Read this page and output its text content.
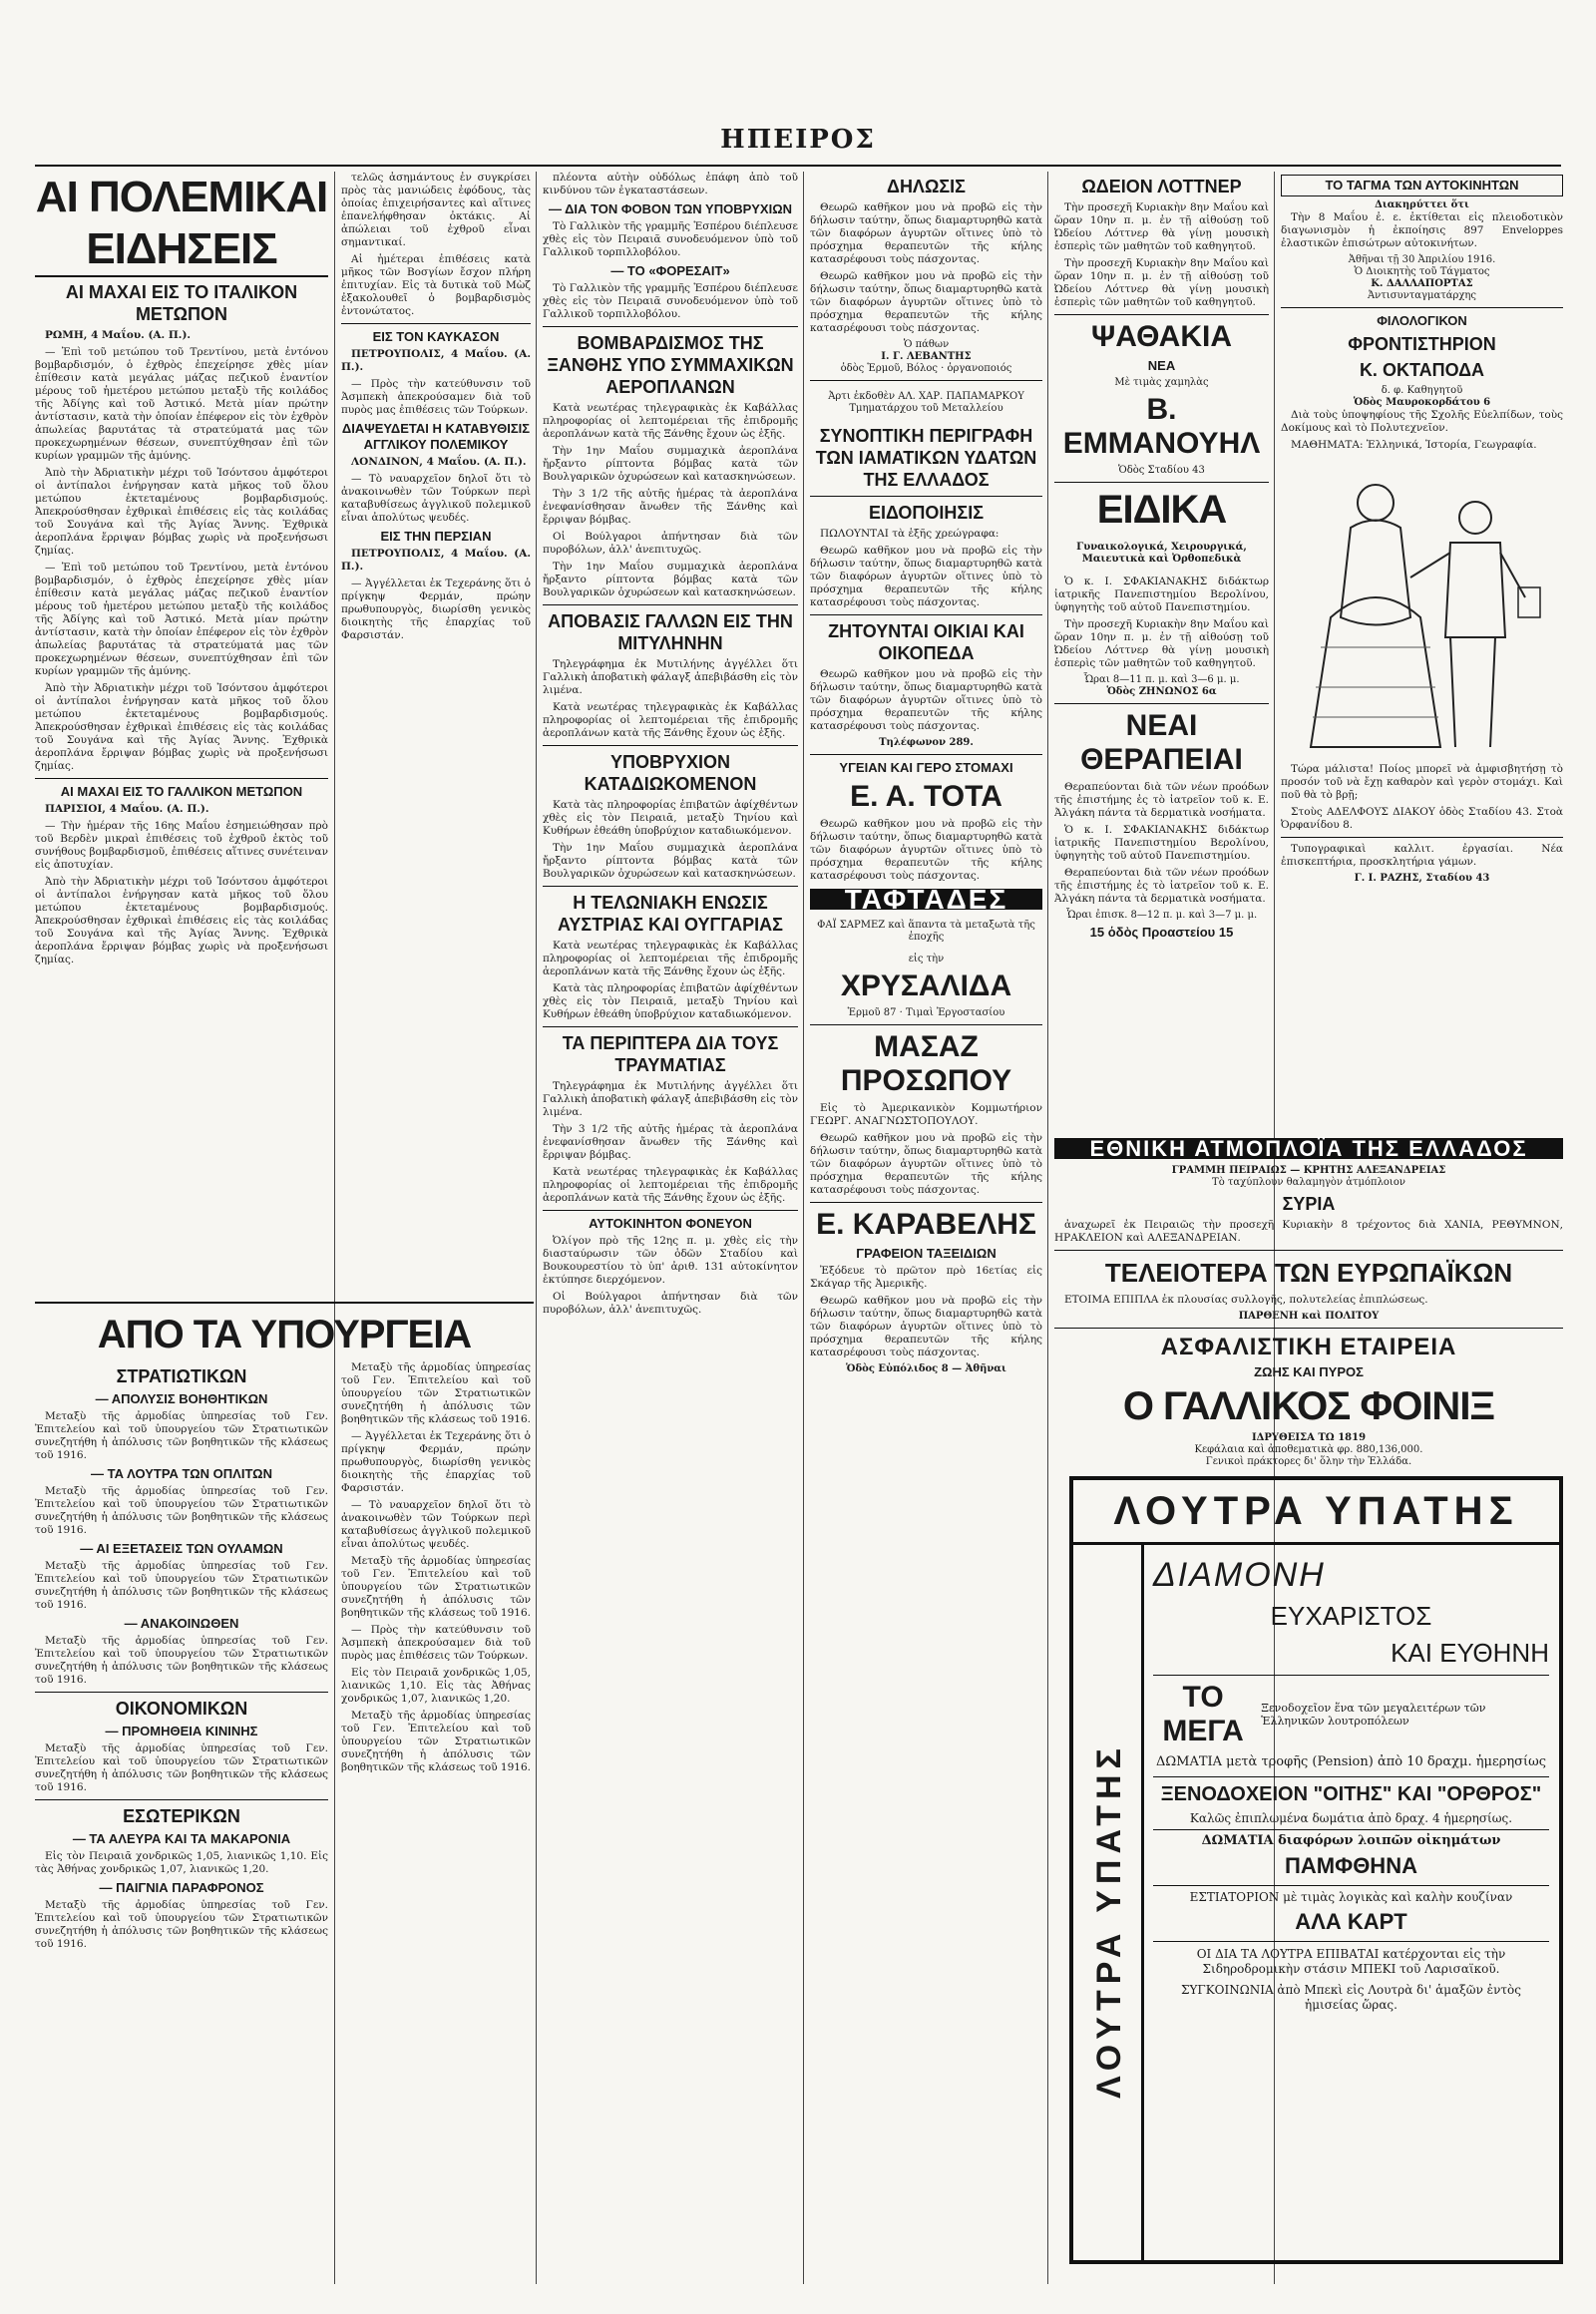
ΗΠΕΙΡΟΣ
ΑΙ ΠΟΛΕΜΙΚΑΙ ΕΙΔΗΣΕΙΣ
ΑΙ ΜΑΧΑΙ ΕΙΣ ΤΟ ΙΤΑΛΙΚΟΝ ΜΕΤΩΠΟΝ

ΡΩΜΗ, 4 Μαΐου. (Α. Π.).

— Ἐπὶ τοῦ μετώπου τοῦ Τρεντίνου, μετὰ ἐντόνου βομβαρδισμόν, ὁ ἐχθρὸς ἐπεχείρησε χθὲς μίαν ἐπίθεσιν κατὰ μεγάλας μάζας πεζικοῦ ἐναντίον μέρους τοῦ ἡμετέρου μετώπου μεταξὺ τῆς κοιλάδος τῆς Ἀδίγης καὶ τοῦ Ἀστικό. Μετὰ μίαν πρώτην ἀντίστασιν, κατὰ τὴν ὁποίαν ἐπέφερον εἰς τὸν ἐχθρὸν ἀπωλείας βαρυτάτας τὰ στρατεύματά μας τῶν προκεχωρημένων θέσεων, συνεπτύχθησαν ἐπὶ τῶν κυρίων γραμμῶν τῆς ἀμύνης.

Ἀπὸ τὴν Ἀδριατικὴν μέχρι τοῦ Ἰσόντσου ἀμφότεροι οἱ ἀντίπαλοι ἐνήργησαν κατὰ μῆκος τοῦ ὅλου μετώπου ἐκτεταμένους βομβαρδισμούς. Ἀπεκρούσθησαν ἐχθρικαὶ ἐπιθέσεις εἰς τὰς κοιλάδας τοῦ Σουγάνα καὶ τῆς Ἀγίας Ἄννης. Ἐχθρικὰ ἀεροπλάνα ἔρριψαν βόμβας χωρὶς νὰ προξενήσωσι ζημίας.

— Ἐπὶ τοῦ μετώπου τοῦ Τρεντίνου, μετὰ ἐντόνου βομβαρδισμόν, ὁ ἐχθρὸς ἐπεχείρησε χθὲς μίαν ἐπίθεσιν κατὰ μεγάλας μάζας πεζικοῦ ἐναντίον μέρους τοῦ ἡμετέρου μετώπου μεταξὺ τῆς κοιλάδος τῆς Ἀδίγης καὶ τοῦ Ἀστικό. Μετὰ μίαν πρώτην ἀντίστασιν, κατὰ τὴν ὁποίαν ἐπέφερον εἰς τὸν ἐχθρὸν ἀπωλείας βαρυτάτας τὰ στρατεύματά μας τῶν προκεχωρημένων θέσεων, συνεπτύχθησαν ἐπὶ τῶν κυρίων γραμμῶν τῆς ἀμύνης.

Ἀπὸ τὴν Ἀδριατικὴν μέχρι τοῦ Ἰσόντσου ἀμφότεροι οἱ ἀντίπαλοι ἐνήργησαν κατὰ μῆκος τοῦ ὅλου μετώπου ἐκτεταμένους βομβαρδισμούς. Ἀπεκρούσθησαν ἐχθρικαὶ ἐπιθέσεις εἰς τὰς κοιλάδας τοῦ Σουγάνα καὶ τῆς Ἀγίας Ἄννης. Ἐχθρικὰ ἀεροπλάνα ἔρριψαν βόμβας χωρὶς νὰ προξενήσωσι ζημίας.

ΑΙ ΜΑΧΑΙ ΕΙΣ ΤΟ ΓΑΛΛΙΚΟΝ ΜΕΤΩΠΟΝ

ΠΑΡΙΣΙΟΙ, 4 Μαΐου. (Α. Π.).

— Τὴν ἡμέραν τῆς 16ης Μαΐου ἐσημειώθησαν πρὸ τοῦ Βερδὲν μικραὶ ἐπιθέσεις τοῦ ἐχθροῦ ἐκτὸς τοῦ συνήθους βομβαρδισμοῦ, ἐπιθέσεις αἵτινες συνέτειναν εἰς ἀποτυχίαν.

Ἀπὸ τὴν Ἀδριατικὴν μέχρι τοῦ Ἰσόντσου ἀμφότεροι οἱ ἀντίπαλοι ἐνήργησαν κατὰ μῆκος τοῦ ὅλου μετώπου ἐκτεταμένους βομβαρδισμούς. Ἀπεκρούσθησαν ἐχθρικαὶ ἐπιθέσεις εἰς τὰς κοιλάδας τοῦ Σουγάνα καὶ τῆς Ἀγίας Ἄννης. Ἐχθρικὰ ἀεροπλάνα ἔρριψαν βόμβας χωρὶς νὰ προξενήσωσι ζημίας.

ΑΠΟ ΤΑ ΥΠΟΥΡΓΕΙΑ

τελῶς ἀσημάντους ἐν συγκρίσει πρὸς τὰς μανιώδεις ἐφόδους, τὰς ὁποίας ἐπιχειρήσαντες καὶ αἵτινες ἐπανελήφθησαν ὀκτάκις. Αἱ ἀπώλειαι τοῦ ἐχθροῦ εἶναι σημαντικαί.

Αἱ ἡμέτεραι ἐπιθέσεις κατὰ μῆκος τῶν Βοσγίων ἔσχον πλήρη ἐπιτυχίαν. Εἰς τὰ δυτικὰ τοῦ Μὼζ ἐξακολουθεῖ ὁ βομβαρδισμὸς ἐντονώτατος.

ΕΙΣ ΤΟΝ ΚΑΥΚΑΣΟΝ

ΠΕΤΡΟΥΠΟΛΙΣ, 4 Μαΐου. (Α. Π.).

— Πρὸς τὴν κατεύθυνσιν τοῦ Ἀσμπεκὴ ἀπεκρούσαμεν διὰ τοῦ πυρὸς μας ἐπιθέσεις τῶν Τούρκων.

ΔΙΑΨΕΥΔΕΤΑΙ Η ΚΑΤΑΒΥΘΙΣΙΣ ΑΓΓΛΙΚΟΥ ΠΟΛΕΜΙΚΟΥ

ΛΟΝΔΙΝΟΝ, 4 Μαΐου. (Α. Π.).

— Τὸ ναυαρχεῖον δηλοῖ ὅτι τὸ ἀνακοινωθὲν τῶν Τούρκων περὶ καταβυθίσεως ἀγγλικοῦ πολεμικοῦ εἶναι ἀπολύτως ψευδές.

ΕΙΣ ΤΗΝ ΠΕΡΣΙΑΝ

ΠΕΤΡΟΥΠΟΛΙΣ, 4 Μαΐου. (Α. Π.).

— Ἀγγέλλεται ἐκ Τεχεράνης ὅτι ὁ πρίγκηψ Φερμάν, πρώην πρωθυπουργὸς, διωρίσθη γενικὸς διοικητὴς τῆς ἐπαρχίας τοῦ Φαρσιστάν.

ΣΤΡΑΤΙΩΤΙΚΩΝ
— ΑΠΟΛΥΣΙΣ ΒΟΗΘΗΤΙΚΩΝ

Μεταξὺ τῆς ἀρμοδίας ὑπηρεσίας τοῦ Γεν. Ἐπιτελείου καὶ τοῦ ὑπουργείου τῶν Στρατιωτικῶν συνεζητήθη ἡ ἀπόλυσις τῶν βοηθητικῶν τῆς κλάσεως τοῦ 1916.

— ΤΑ ΛΟΥΤΡΑ ΤΩΝ ΟΠΛΙΤΩΝ

Μεταξὺ τῆς ἀρμοδίας ὑπηρεσίας τοῦ Γεν. Ἐπιτελείου καὶ τοῦ ὑπουργείου τῶν Στρατιωτικῶν συνεζητήθη ἡ ἀπόλυσις τῶν βοηθητικῶν τῆς κλάσεως τοῦ 1916.

— ΑΙ ΕΞΕΤΑΣΕΙΣ ΤΩΝ ΟΥΛΑΜΩΝ

Μεταξὺ τῆς ἀρμοδίας ὑπηρεσίας τοῦ Γεν. Ἐπιτελείου καὶ τοῦ ὑπουργείου τῶν Στρατιωτικῶν συνεζητήθη ἡ ἀπόλυσις τῶν βοηθητικῶν τῆς κλάσεως τοῦ 1916.

— ΑΝΑΚΟΙΝΩΘΕΝ

Μεταξὺ τῆς ἀρμοδίας ὑπηρεσίας τοῦ Γεν. Ἐπιτελείου καὶ τοῦ ὑπουργείου τῶν Στρατιωτικῶν συνεζητήθη ἡ ἀπόλυσις τῶν βοηθητικῶν τῆς κλάσεως τοῦ 1916.

ΟΙΚΟΝΟΜΙΚΩΝ
— ΠΡΟΜΗΘΕΙΑ ΚΙΝΙΝΗΣ

Μεταξὺ τῆς ἀρμοδίας ὑπηρεσίας τοῦ Γεν. Ἐπιτελείου καὶ τοῦ ὑπουργείου τῶν Στρατιωτικῶν συνεζητήθη ἡ ἀπόλυσις τῶν βοηθητικῶν τῆς κλάσεως τοῦ 1916.

ΕΣΩΤΕΡΙΚΩΝ
— ΤΑ ΑΛΕΥΡΑ ΚΑΙ ΤΑ ΜΑΚΑΡΟΝΙΑ

Εἰς τὸν Πειραιᾶ χονδρικῶς 1,05, λιανικῶς 1,10. Εἰς τὰς Ἀθήνας χονδρικῶς 1,07, λιανικῶς 1,20.

— ΠΑΙΓΝΙΑ ΠΑΡΑΦΡΟΝΟΣ

Μεταξὺ τῆς ἀρμοδίας ὑπηρεσίας τοῦ Γεν. Ἐπιτελείου καὶ τοῦ ὑπουργείου τῶν Στρατιωτικῶν συνεζητήθη ἡ ἀπόλυσις τῶν βοηθητικῶν τῆς κλάσεως τοῦ 1916.

Μεταξὺ τῆς ἀρμοδίας ὑπηρεσίας τοῦ Γεν. Ἐπιτελείου καὶ τοῦ ὑπουργείου τῶν Στρατιωτικῶν συνεζητήθη ἡ ἀπόλυσις τῶν βοηθητικῶν τῆς κλάσεως τοῦ 1916.

— Ἀγγέλλεται ἐκ Τεχεράνης ὅτι ὁ πρίγκηψ Φερμάν, πρώην πρωθυπουργὸς, διωρίσθη γενικὸς διοικητὴς τῆς ἐπαρχίας τοῦ Φαρσιστάν.

— Τὸ ναυαρχεῖον δηλοῖ ὅτι τὸ ἀνακοινωθὲν τῶν Τούρκων περὶ καταβυθίσεως ἀγγλικοῦ πολεμικοῦ εἶναι ἀπολύτως ψευδές.

Μεταξὺ τῆς ἀρμοδίας ὑπηρεσίας τοῦ Γεν. Ἐπιτελείου καὶ τοῦ ὑπουργείου τῶν Στρατιωτικῶν συνεζητήθη ἡ ἀπόλυσις τῶν βοηθητικῶν τῆς κλάσεως τοῦ 1916.

— Πρὸς τὴν κατεύθυνσιν τοῦ Ἀσμπεκὴ ἀπεκρούσαμεν διὰ τοῦ πυρὸς μας ἐπιθέσεις τῶν Τούρκων.

Εἰς τὸν Πειραιᾶ χονδρικῶς 1,05, λιανικῶς 1,10. Εἰς τὰς Ἀθήνας χονδρικῶς 1,07, λιανικῶς 1,20.

Μεταξὺ τῆς ἀρμοδίας ὑπηρεσίας τοῦ Γεν. Ἐπιτελείου καὶ τοῦ ὑπουργείου τῶν Στρατιωτικῶν συνεζητήθη ἡ ἀπόλυσις τῶν βοηθητικῶν τῆς κλάσεως τοῦ 1916.

πλέοντα αὐτὴν οὐδόλως ἐπάφη ἀπὸ τοῦ κινδύνου τῶν ἐγκαταστάσεων.

— ΔΙΑ ΤΟΝ ΦΟΒΟΝ ΤΩΝ ΥΠΟΒΡΥΧΙΩΝ

Τὸ Γαλλικὸν τῆς γραμμῆς Ἑσπέρου διέπλευσε χθὲς εἰς τὸν Πειραιᾶ συνοδευόμενον ὑπὸ τοῦ Γαλλικοῦ τορπιλλοβόλου.

— ΤΟ «ΦΟΡΕΣΑΙΤ»

Τὸ Γαλλικὸν τῆς γραμμῆς Ἑσπέρου διέπλευσε χθὲς εἰς τὸν Πειραιᾶ συνοδευόμενον ὑπὸ τοῦ Γαλλικοῦ τορπιλλοβόλου.

ΒΟΜΒΑΡΔΙΣΜΟΣ ΤΗΣ ΞΑΝΘΗΣ ΥΠΟ ΣΥΜΜΑΧΙΚΩΝ ΑΕΡΟΠΛΑΝΩΝ

Κατὰ νεωτέρας τηλεγραφικὰς ἐκ Καβάλλας πληροφορίας οἱ λεπτομέρειαι τῆς ἐπιδρομῆς ἀεροπλάνων κατὰ τῆς Ξάνθης ἔχουν ὡς ἑξῆς.

Τὴν 1ην Μαΐου συμμαχικὰ ἀεροπλάνα ἤρξαντο ρίπτοντα βόμβας κατὰ τῶν Βουλγαρικῶν ὀχυρώσεων καὶ κατασκηνώσεων.

Τὴν 3 1/2 τῆς αὐτῆς ἡμέρας τὰ ἀεροπλάνα ἐνεφανίσθησαν ἄνωθεν τῆς Ξάνθης καὶ ἔρριψαν βόμβας.

Οἱ Βούλγαροι ἀπήντησαν διὰ τῶν πυροβόλων, ἀλλ' ἀνεπιτυχῶς.

Τὴν 1ην Μαΐου συμμαχικὰ ἀεροπλάνα ἤρξαντο ρίπτοντα βόμβας κατὰ τῶν Βουλγαρικῶν ὀχυρώσεων καὶ κατασκηνώσεων.

ΑΠΟΒΑΣΙΣ ΓΑΛΛΩΝ ΕΙΣ ΤΗΝ ΜΙΤΥΛΗΝΗΝ

Τηλεγράφημα ἐκ Μυτιλήνης ἀγγέλλει ὅτι Γαλλικὴ ἀποβατικὴ φάλαγξ ἀπεβιβάσθη εἰς τὸν λιμένα.

Κατὰ νεωτέρας τηλεγραφικὰς ἐκ Καβάλλας πληροφορίας οἱ λεπτομέρειαι τῆς ἐπιδρομῆς ἀεροπλάνων κατὰ τῆς Ξάνθης ἔχουν ὡς ἑξῆς.

ΥΠΟΒΡΥΧΙΟΝ ΚΑΤΑΔΙΩΚΟΜΕΝΟΝ

Κατὰ τὰς πληροφορίας ἐπιβατῶν ἀφίχθέντων χθὲς εἰς τὸν Πειραιᾶ, μεταξὺ Τηνίου καὶ Κυθήρων ἐθεάθη ὑποβρύχιον καταδιωκόμενον.

Τὴν 1ην Μαΐου συμμαχικὰ ἀεροπλάνα ἤρξαντο ρίπτοντα βόμβας κατὰ τῶν Βουλγαρικῶν ὀχυρώσεων καὶ κατασκηνώσεων.

Η ΤΕΛΩΝΙΑΚΗ ΕΝΩΣΙΣ ΑΥΣΤΡΙΑΣ ΚΑΙ ΟΥΓΓΑΡΙΑΣ

Κατὰ νεωτέρας τηλεγραφικὰς ἐκ Καβάλλας πληροφορίας οἱ λεπτομέρειαι τῆς ἐπιδρομῆς ἀεροπλάνων κατὰ τῆς Ξάνθης ἔχουν ὡς ἑξῆς.

Κατὰ τὰς πληροφορίας ἐπιβατῶν ἀφίχθέντων χθὲς εἰς τὸν Πειραιᾶ, μεταξὺ Τηνίου καὶ Κυθήρων ἐθεάθη ὑποβρύχιον καταδιωκόμενον.

ΤΑ ΠΕΡΙΠΤΕΡΑ ΔΙΑ ΤΟΥΣ ΤΡΑΥΜΑΤΙΑΣ

Τηλεγράφημα ἐκ Μυτιλήνης ἀγγέλλει ὅτι Γαλλικὴ ἀποβατικὴ φάλαγξ ἀπεβιβάσθη εἰς τὸν λιμένα.

Τὴν 3 1/2 τῆς αὐτῆς ἡμέρας τὰ ἀεροπλάνα ἐνεφανίσθησαν ἄνωθεν τῆς Ξάνθης καὶ ἔρριψαν βόμβας.

Κατὰ νεωτέρας τηλεγραφικὰς ἐκ Καβάλλας πληροφορίας οἱ λεπτομέρειαι τῆς ἐπιδρομῆς ἀεροπλάνων κατὰ τῆς Ξάνθης ἔχουν ὡς ἑξῆς.

ΑΥΤΟΚΙΝΗΤΟΝ ΦΟΝΕΥΟΝ

Ὀλίγον πρὸ τῆς 12ης π. μ. χθὲς εἰς τὴν διασταύρωσιν τῶν ὁδῶν Σταδίου καὶ Βουκουρεστίου τὸ ὑπ' ἀριθ. 131 αὐτοκίνητον ἐκτύπησε διερχόμενον.

Οἱ Βούλγαροι ἀπήντησαν διὰ τῶν πυροβόλων, ἀλλ' ἀνεπιτυχῶς.

ΔΗΛΩΣΙΣ

Θεωρῶ καθῆκον μου νὰ προβῶ εἰς τὴν δήλωσιν ταύτην, ὅπως διαμαρτυρηθῶ κατὰ τῶν διαφόρων ἀγυρτῶν οἵτινες ὑπὸ τὸ πρόσχημα θεραπευτῶν τῆς κήλης κατασρέφουσι τοὺς πάσχοντας.

Θεωρῶ καθῆκον μου νὰ προβῶ εἰς τὴν δήλωσιν ταύτην, ὅπως διαμαρτυρηθῶ κατὰ τῶν διαφόρων ἀγυρτῶν οἵτινες ὑπὸ τὸ πρόσχημα θεραπευτῶν τῆς κήλης κατασρέφουσι τοὺς πάσχοντας.

Ὁ πάθων
Ι. Γ. ΛΕΒΑΝΤΗΣ
ὁδὸς Ἑρμοῦ, Βόλος · ὀργανοποιός

Ἀρτι ἐκδοθὲν ΑΛ. ΧΑΡ. ΠΑΠΑΜΑΡΚΟΥ Τμηματάρχου τοῦ Μεταλλείου

ΣΥΝΟΠΤΙΚΗ ΠΕΡΙΓΡΑΦΗ ΤΩΝ ΙΑΜΑΤΙΚΩΝ ΥΔΑΤΩΝ ΤΗΣ ΕΛΛΑΔΟΣ
ΕΙΔΟΠΟΙΗΣΙΣ

ΠΩΛΟΥΝΤΑΙ τὰ ἑξῆς χρεώγραφα:

Θεωρῶ καθῆκον μου νὰ προβῶ εἰς τὴν δήλωσιν ταύτην, ὅπως διαμαρτυρηθῶ κατὰ τῶν διαφόρων ἀγυρτῶν οἵτινες ὑπὸ τὸ πρόσχημα θεραπευτῶν τῆς κήλης κατασρέφουσι τοὺς πάσχοντας.

ΖΗΤΟΥΝΤΑΙ ΟΙΚΙΑΙ ΚΑΙ ΟΙΚΟΠΕΔΑ

Θεωρῶ καθῆκον μου νὰ προβῶ εἰς τὴν δήλωσιν ταύτην, ὅπως διαμαρτυρηθῶ κατὰ τῶν διαφόρων ἀγυρτῶν οἵτινες ὑπὸ τὸ πρόσχημα θεραπευτῶν τῆς κήλης κατασρέφουσι τοὺς πάσχοντας.

Τηλέφωνον 289.
ΥΓΕΙΑΝ ΚΑΙ ΓΕΡΟ ΣΤΟΜΑΧΙ
Ε. Α. ΤΟΤΑ

Θεωρῶ καθῆκον μου νὰ προβῶ εἰς τὴν δήλωσιν ταύτην, ὅπως διαμαρτυρηθῶ κατὰ τῶν διαφόρων ἀγυρτῶν οἵτινες ὑπὸ τὸ πρόσχημα θεραπευτῶν τῆς κήλης κατασρέφουσι τοὺς πάσχοντας.

ΤΑΦΤΑΔΕΣ

ΦΑΪ ΣΑΡΜΕΖ καὶ ἅπαντα τὰ μεταξωτὰ τῆς ἐποχῆς

εἰς τὴν
ΧΡΥΣΑΛΙΔΑ
Ἑρμοῦ 87 · Τιμαὶ Ἐργοστασίου
ΜΑΣΑΖ ΠΡΟΣΩΠΟΥ

Εἰς τὸ Ἀμερικανικὸν Κομμωτήριον ΓΕΩΡΓ. ΑΝΑΓΝΩΣΤΟΠΟΥΛΟΥ.

Θεωρῶ καθῆκον μου νὰ προβῶ εἰς τὴν δήλωσιν ταύτην, ὅπως διαμαρτυρηθῶ κατὰ τῶν διαφόρων ἀγυρτῶν οἵτινες ὑπὸ τὸ πρόσχημα θεραπευτῶν τῆς κήλης κατασρέφουσι τοὺς πάσχοντας.

Ε. ΚΑΡΑΒΕΛΗΣ
ΓΡΑΦΕΙΟΝ ΤΑΞΕΙΔΙΩΝ

Ἐξόδευε τὸ πρῶτον πρὸ 16ετίας εἰς Σκάγαρ τῆς Ἀμερικῆς.

Θεωρῶ καθῆκον μου νὰ προβῶ εἰς τὴν δήλωσιν ταύτην, ὅπως διαμαρτυρηθῶ κατὰ τῶν διαφόρων ἀγυρτῶν οἵτινες ὑπὸ τὸ πρόσχημα θεραπευτῶν τῆς κήλης κατασρέφουσι τοὺς πάσχοντας.

Ὁδὸς Εὐπόλιδος 8 — Ἀθῆναι
ΩΔΕΙΟΝ ΛΟΤΤΝΕΡ

Τὴν προσεχῆ Κυριακὴν 8ην Μαΐου καὶ ὥραν 10ην π. μ. ἐν τῇ αἰθούσῃ τοῦ Ὠδείου Λόττνερ θὰ γίνῃ μουσικὴ ἑσπερὶς τῶν μαθητῶν τοῦ καθηγητοῦ.

Τὴν προσεχῆ Κυριακὴν 8ην Μαΐου καὶ ὥραν 10ην π. μ. ἐν τῇ αἰθούσῃ τοῦ Ὠδείου Λόττνερ θὰ γίνῃ μουσικὴ ἑσπερὶς τῶν μαθητῶν τοῦ καθηγητοῦ.

ΨΑΘΑΚΙΑ
ΝΕΑ
Μὲ τιμὰς χαμηλὰς
Β. ΕΜΜΑΝΟΥΗΛ
Ὁδὸς Σταδίου 43
ΕΙΔΙΚΑ

Γυναικολογικά, Χειρουργικά, Μαιευτικὰ καὶ Ὀρθοπεδικὰ

Ὁ κ. Ι. ΣΦΑΚΙΑΝΑΚΗΣ διδάκτωρ ἰατρικῆς Πανεπιστημίου Βερολίνου, ὑφηγητὴς τοῦ αὐτοῦ Πανεπιστημίου.

Τὴν προσεχῆ Κυριακὴν 8ην Μαΐου καὶ ὥραν 10ην π. μ. ἐν τῇ αἰθούσῃ τοῦ Ὠδείου Λόττνερ θὰ γίνῃ μουσικὴ ἑσπερὶς τῶν μαθητῶν τοῦ καθηγητοῦ.

Ὧραι 8—11 π. μ. καὶ 3—6 μ. μ.
Ὁδὸς ΖΗΝΩΝΟΣ 6α
ΝΕΑΙ ΘΕΡΑΠΕΙΑΙ

Θεραπεύονται διὰ τῶν νέων προόδων τῆς ἐπιστήμης ἐς τὸ ἰατρεῖον τοῦ κ. Ε. Ἀλγάκη πάντα τὰ δερματικὰ νοσήματα.

Ὁ κ. Ι. ΣΦΑΚΙΑΝΑΚΗΣ διδάκτωρ ἰατρικῆς Πανεπιστημίου Βερολίνου, ὑφηγητὴς τοῦ αὐτοῦ Πανεπιστημίου.

Θεραπεύονται διὰ τῶν νέων προόδων τῆς ἐπιστήμης ἐς τὸ ἰατρεῖον τοῦ κ. Ε. Ἀλγάκη πάντα τὰ δερματικὰ νοσήματα.

Ὧραι ἐπισκ. 8—12 π. μ. καὶ 3—7 μ. μ.
15 ὁδὸς Προαστείου 15
ΤΟ ΤΑΓΜΑ ΤΩΝ ΑΥΤΟΚΙΝΗΤΩΝ
Διακηρύττει ὅτι

Τὴν 8 Μαΐου ἐ. ε. ἐκτίθεται εἰς πλειοδοτικὸν διαγωνισμὸν ἡ ἐκποίησις 897 Enveloppes ἐλαστικῶν ἐπισώτρων αὐτοκινήτων.

Ἀθῆναι τῇ 30 Ἀπριλίου 1916.
Ὁ Διοικητὴς τοῦ Τάγματος
Κ. ΔΑΛΛΑΠΟΡΤΑΣ
Ἀντισυνταγματάρχης
ΦΙΛΟΛΟΓΙΚΟΝ
ΦΡΟΝΤΙΣΤΗΡΙΟΝ
Κ. ΟΚΤΑΠΟΔΑ
δ. φ. Καθηγητοῦ
Ὁδὸς Μαυροκορδάτου 6

Διὰ τοὺς ὑποψηφίους τῆς Σχολῆς Εὐελπίδων, τοὺς Δοκίμους καὶ τὸ Πολυτεχνεῖον.

ΜΑΘΗΜΑΤΑ: Ἑλληνικά, Ἱστορία, Γεωγραφία.

Τώρα μάλιστα! Ποίος μπορεῖ νὰ ἀμφισβητήσῃ τὸ προσόν τοῦ νὰ ἔχῃ καθαρὸν καὶ γερὸν στομάχι. Καὶ ποῦ θὰ τὸ βρῇ;

Στοὺς ΑΔΕΛΦΟΥΣ ΔΙΑΚΟΥ ὁδὸς Σταδίου 43. Στοὰ Ὀρφανίδου 8.

Τυπογραφικαὶ καλλιτ. ἐργασίαι. Νέα ἐπισκεπτήρια, προσκλητήρια γάμων.

Γ. Ι. ΡΑΖΗΣ, Σταδίου 43
ΕΘΝΙΚΗ ΑΤΜΟΠΛΟΪΑ ΤΗΣ ΕΛΛΑΔΟΣ
ΓΡΑΜΜΗ ΠΕΙΡΑΙΩΣ — ΚΡΗΤΗΣ ΑΛΕΞΑΝΔΡΕΙΑΣ
Τὸ ταχύπλουν θαλαμηγὸν ἀτμόπλοιον
ΣΥΡΙΑ

ἀναχωρεῖ ἐκ Πειραιῶς τὴν προσεχῆ Κυριακὴν 8 τρέχοντος διὰ ΧΑΝΙΑ, ΡΕΘΥΜΝΟΝ, ΗΡΑΚΛΕΙΟΝ καὶ ΑΛΕΞΑΝΔΡΕΙΑΝ.

ΤΕΛΕΙΟΤΕΡΑ ΤΩΝ ΕΥΡΩΠΑΪΚΩΝ

ΕΤΟΙΜΑ ΕΠΙΠΛΑ ἐκ πλουσίας συλλογῆς, πολυτελείας ἐπιπλώσεως.

ΠΑΡΘΕΝΗ καὶ ΠΟΛΙΤΟΥ
ΑΣΦΑΛΙΣΤΙΚΗ ΕΤΑΙΡΕΙΑ
ΖΩΗΣ ΚΑΙ ΠΥΡΟΣ
Ο ΓΑΛΛΙΚΟΣ ΦΟΙΝΙΞ
ΙΔΡΥΘΕΙΣΑ ΤΩ 1819
Κεφάλαια καὶ ἀποθεματικὰ φρ. 880,136,000.
Γενικοὶ πράκτορες δι' ὅλην τὴν Ἑλλάδα.

ΛΟΥΤΡΑ ΥΠΑΤΗΣ
ΛΟΥΤΡΑ ΥΠΑΤΗΣ
ΔΙΑΜΟΝΗ
ΕΥΧΑΡΙΣΤΟΣ
ΚΑΙ ΕΥΘΗΝΗ
ΤΟ ΜΕΓΑ
Ξενοδοχεῖον ἕνα τῶν μεγαλειτέρων τῶν Ἑλληνικῶν λουτροπόλεων
ΔΩΜΑΤΙΑ μετὰ τροφῆς (Pension) ἀπὸ 10 δραχμ. ἡμερησίως
ΞΕΝΟΔΟΧΕΙΟΝ "ΟΙΤΗΣ" ΚΑΙ "ΟΡΘΡΟΣ"
Καλῶς ἐπιπλωμένα δωμάτια ἀπὸ δραχ. 4 ἡμερησίως.
ΔΩΜΑΤΙΑ διαφόρων λοιπῶν οἰκημάτων
ΠΑΜΦΘΗΝΑ
ΕΣΤΙΑΤΟΡΙΟΝ μὲ τιμὰς λογικὰς καὶ καλὴν κουζίναν
ΑΛΑ ΚΑΡΤ
ΟΙ ΔΙΑ ΤΑ ΛΟΥΤΡΑ ΕΠΙΒΑΤΑΙ κατέρχονται εἰς τὴν Σιδηροδρομικὴν στάσιν ΜΠΕΚΙ τοῦ Λαρισαϊκοῦ.
ΣΥΓΚΟΙΝΩΝΙΑ ἀπὸ Μπεκὶ εἰς Λουτρὰ δι' ἁμαξῶν ἐντὸς ἡμισείας ὥρας.
